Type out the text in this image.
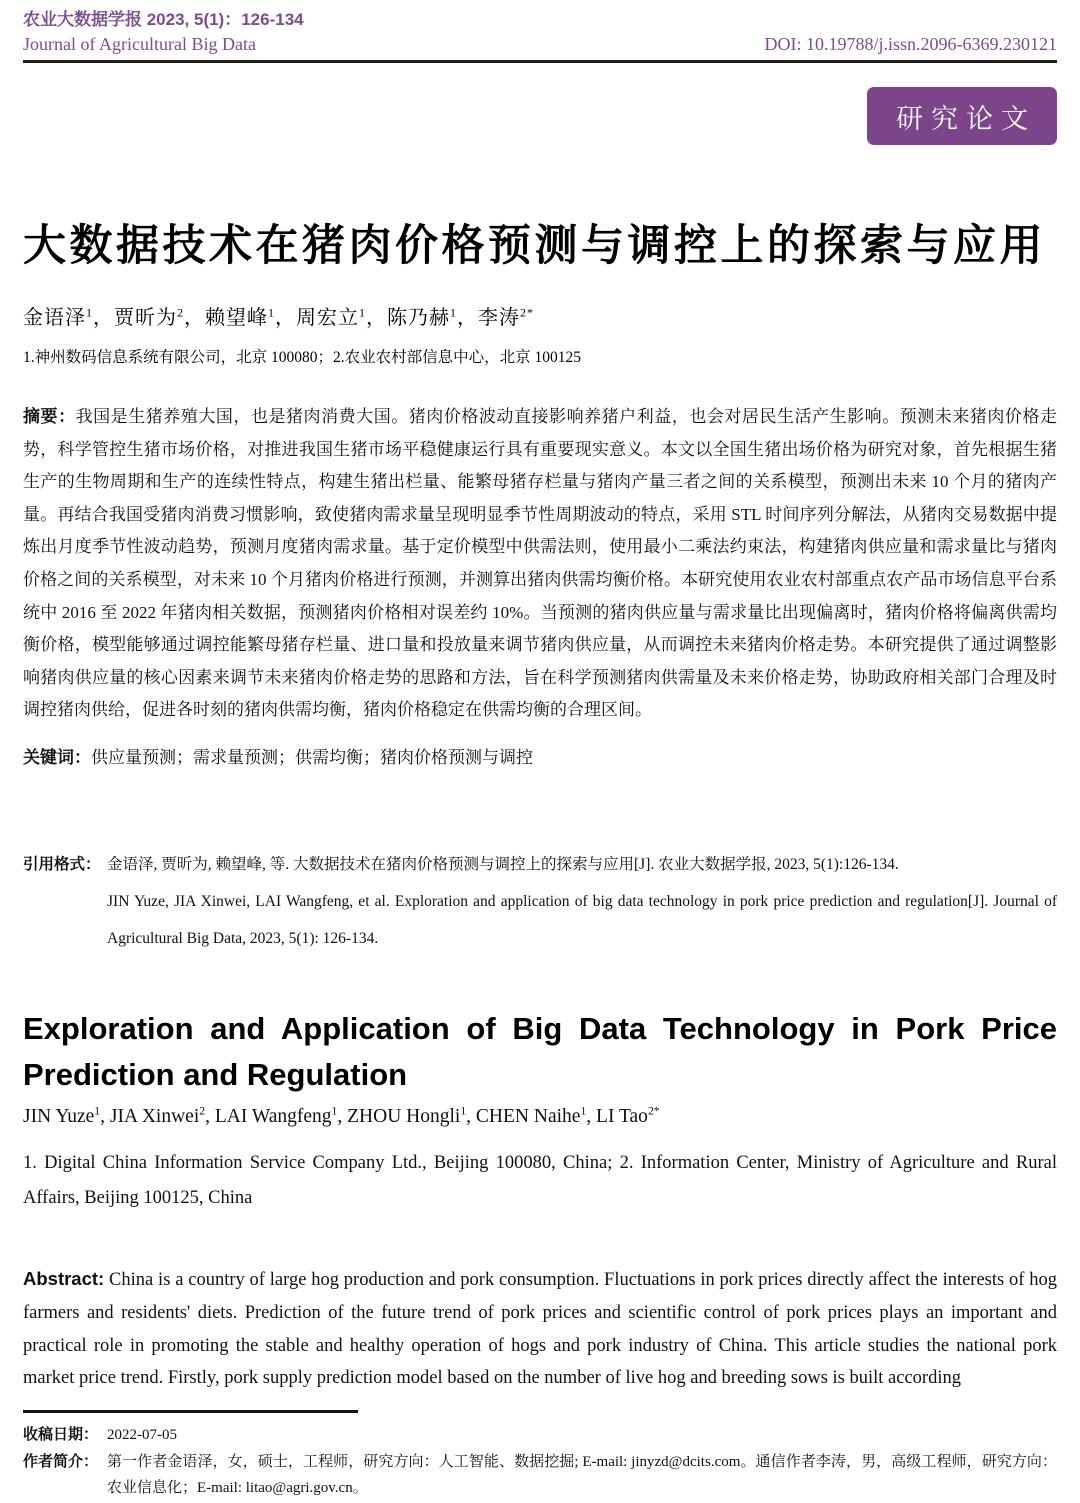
农业大数据学报 2023, 5(1)：126-134
Journal of Agricultural Big Data	DOI: 10.19788/j.issn.2096-6369.230121
研究论文
大数据技术在猪肉价格预测与调控上的探索与应用
金语泽$^1$，贾昕为$^2$，赖望峰$^1$，周宏立$^1$，陈乃赫$^1$，李涛$^{2*}$
1.神州数码信息系统有限公司，北京 100080；2.农业农村部信息中心，北京 100125

摘要：我国是生猪养殖大国，也是猪肉消费大国。猪肉价格波动直接影响养猪户利益，也会对居民生活产生影响。预测未来猪肉价格走势，科学管控生猪市场价格，对推进我国生猪市场平稳健康运行具有重要现实意义。本文以全国生猪出场价格为研究对象，首先根据生猪生产的生物周期和生产的连续性特点，构建生猪出栏量、能繁母猪存栏量与猪肉产量三者之间的关系模型，预测出未来 10 个月的猪肉产量。再结合我国受猪肉消费习惯影响，致使猪肉需求量呈现明显季节性周期波动的特点，采用 STL 时间序列分解法，从猪肉交易数据中提炼出月度季节性波动趋势，预测月度猪肉需求量。基于定价模型中供需法则，使用最小二乘法约束法，构建猪肉供应量和需求量比与猪肉价格之间的关系模型，对未来 10 个月猪肉价格进行预测，并测算出猪肉供需均衡价格。本研究使用农业农村部重点农产品市场信息平台系统中 2016 至 2022 年猪肉相关数据，预测猪肉价格相对误差约 10%。当预测的猪肉供应量与需求量比出现偏离时，猪肉价格将偏离供需均衡价格，模型能够通过调控能繁母猪存栏量、进口量和投放量来调节猪肉供应量，从而调控未来猪肉价格走势。本研究提供了通过调整影响猪肉供应量的核心因素来调节未来猪肉价格走势的思路和方法，旨在科学预测猪肉供需量及未来价格走势，协助政府相关部门合理及时调控猪肉供给，促进各时刻的猪肉供需均衡，猪肉价格稳定在供需均衡的合理区间。

关键词：供应量预测；需求量预测；供需均衡；猪肉价格预测与调控

引用格式： 金语泽, 贾昕为, 赖望峰, 等. 大数据技术在猪肉价格预测与调控上的探索与应用[J]. 农业大数据学报, 2023, 5(1):126-134.
JIN Yuze, JIA Xinwei, LAI Wangfeng, et al. Exploration and application of big data technology in pork price prediction and regulation[J]. Journal of Agricultural Big Data, 2023, 5(1): 126-134.
Exploration and Application of Big Data Technology in Pork Price Prediction and Regulation
JIN Yuze$^1$, JIA Xinwei$^2$, LAI Wangfeng$^1$, ZHOU Hongli$^1$, CHEN Naihe$^1$, LI Tao$^{2*}$
1. Digital China Information Service Company Ltd., Beijing 100080, China; 2. Information Center, Ministry of Agriculture and Rural Affairs, Beijing 100125, China
Abstract: China is a country of large hog production and pork consumption. Fluctuations in pork prices directly affect the interests of hog farmers and residents' diets. Prediction of the future trend of pork prices and scientific control of pork prices plays an important and practical role in promoting the stable and healthy operation of hogs and pork industry of China. This article studies the national pork market price trend. Firstly, pork supply prediction model based on the number of live hog and breeding sows is built according
收稿日期： 2022-07-05
作者简介： 第一作者金语泽，女，硕士，工程师，研究方向：人工智能、数据挖掘; E-mail: jinyzd@dcits.com。通信作者李涛，男，高级工程师，研究方向：农业信息化；E-mail: litao@agri.gov.cn。
